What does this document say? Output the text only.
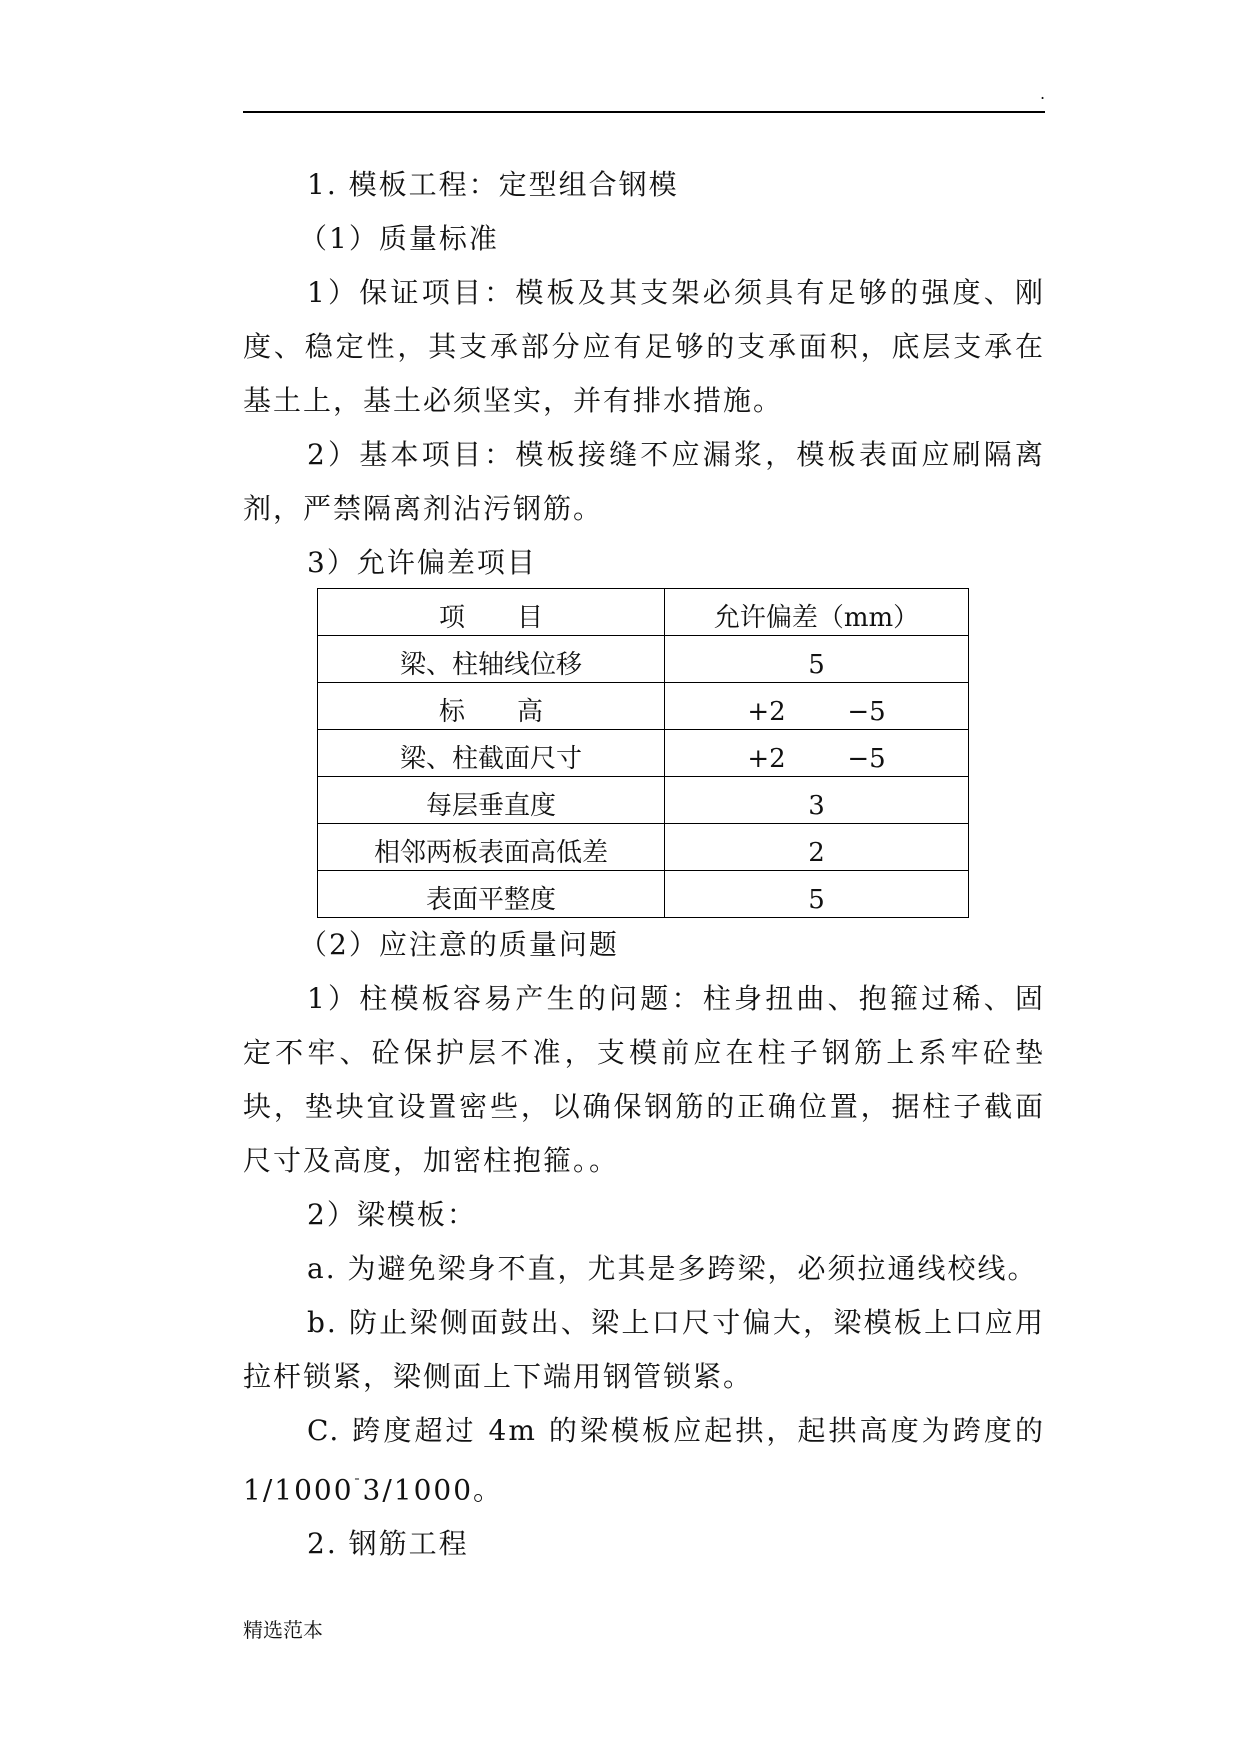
.

1. 模板工程：定型组合钢模

（1）质量标准

1）保证项目：模板及其支架必须具有足够的强度、刚度、稳定性，其支承部分应有足够的支承面积，底层支承在基土上，基土必须坚实，并有排水措施。

2）基本项目：模板接缝不应漏浆，模板表面应刷隔离剂，严禁隔离剂沾污钢筋。

3）允许偏差项目

项　　目	允许偏差（mm）
梁、柱轴线位移	5
标　　高	+2 −5
梁、柱截面尺寸	+2 −5
每层垂直度	3
相邻两板表面高低差	2
表面平整度	5

（2）应注意的质量问题

1）柱模板容易产生的问题：柱身扭曲、抱箍过稀、固定不牢、砼保护层不准，支模前应在柱子钢筋上系牢砼垫块，垫块宜设置密些，以确保钢筋的正确位置，据柱子截面尺寸及高度，加密柱抱箍。。

2）梁模板：

a. 为避免梁身不直，尤其是多跨梁，必须拉通线校线。

b. 防止梁侧面鼓出、梁上口尺寸偏大，梁模板上口应用拉杆锁紧，梁侧面上下端用钢管锁紧。

C. 跨度超过 4m 的梁模板应起拱，起拱高度为跨度的 1/1000¯3/1000。

2. 钢筋工程

精选范本
